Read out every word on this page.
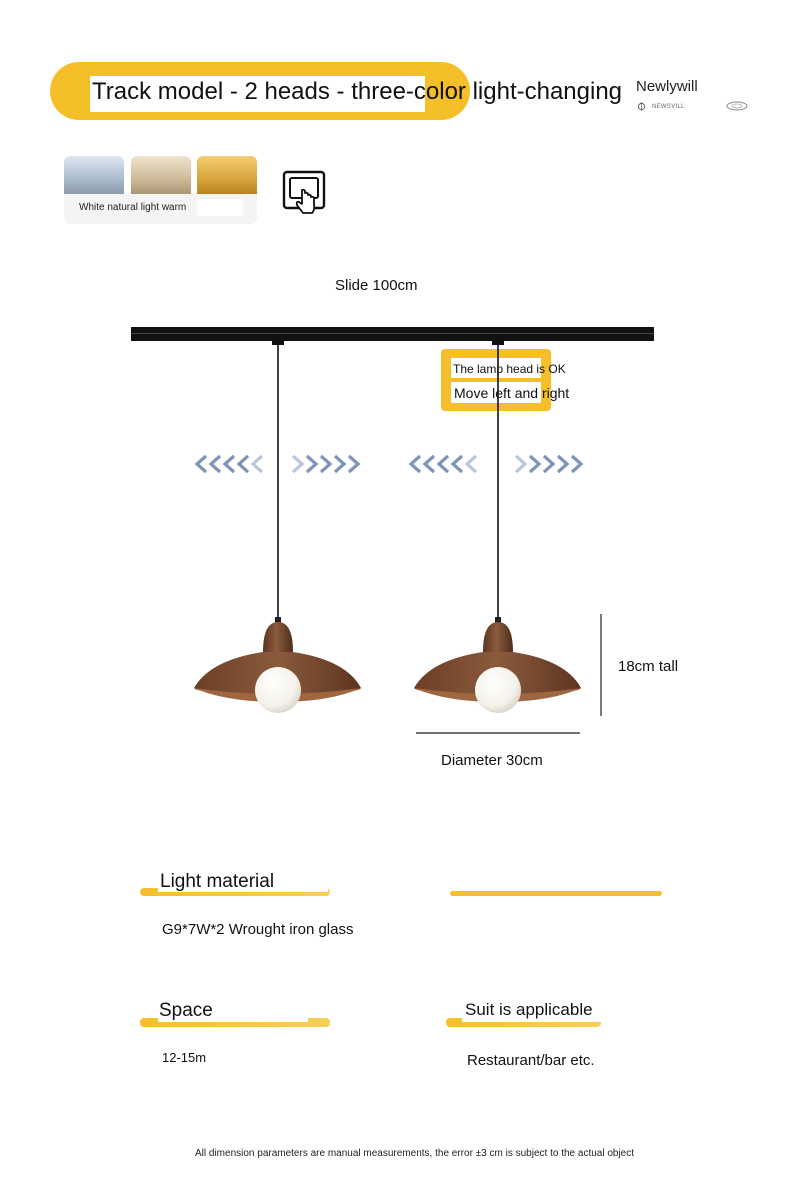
Track model - 2 heads - three-color light-changing Newlywill
NEWSVILL
White natural light warm
Slide 100cm
The lamp head is OK
Move left and right
18cm tall
Diameter 30cm
Light material
G9*7W*2 Wrought iron glass
Space
12-15m
Suit is applicable
Restaurant/bar etc.
All dimension parameters are manual measurements, the error ±3 cm is subject to the actual object
